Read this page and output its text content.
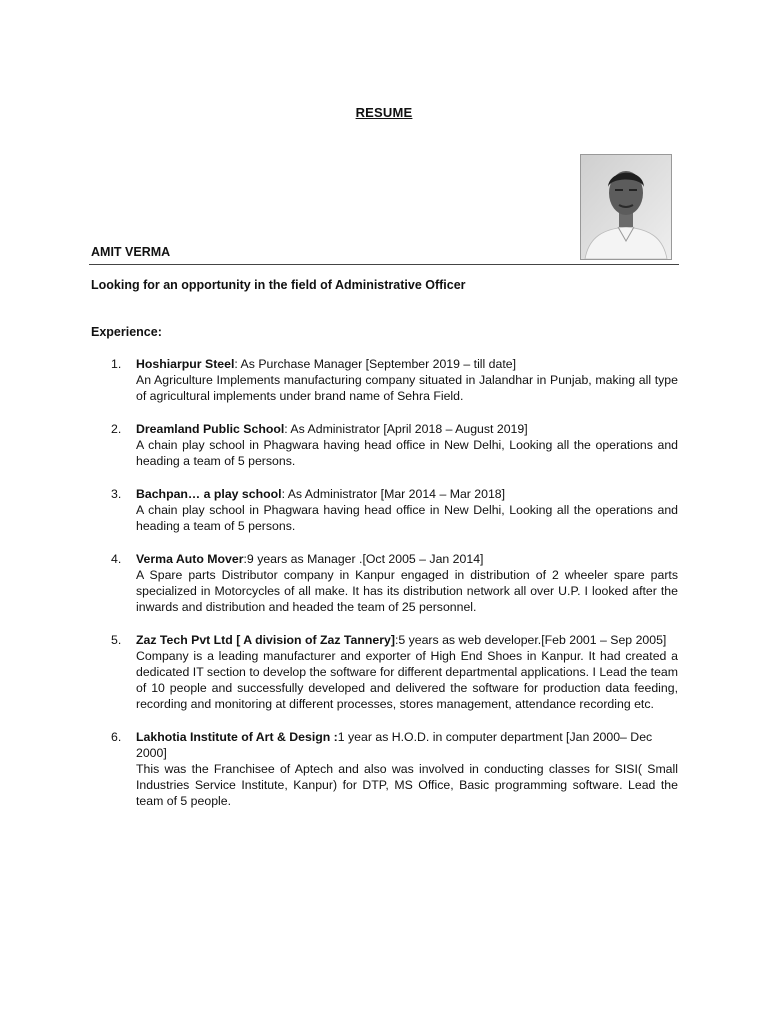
RESUME
AMIT VERMA
Looking for an opportunity in the field of Administrative Officer
Experience:
1.	Hoshiarpur Steel: As Purchase Manager [September 2019 – till date]
An Agriculture Implements manufacturing company situated in Jalandhar in Punjab, making all type of agricultural implements under brand name of Sehra Field.
2.	Dreamland Public School: As Administrator [April 2018 – August 2019]
A chain play school in Phagwara having head office in New Delhi, Looking all the operations and heading a team of 5 persons.
3.	Bachpan… a play school: As Administrator [Mar 2014 – Mar 2018]
A chain play school in Phagwara having head office in New Delhi, Looking all the operations and heading a team of 5 persons.
4.	Verma Auto Mover:9 years as Manager .[Oct 2005 – Jan 2014]
A Spare parts Distributor company in Kanpur engaged in distribution of 2 wheeler spare parts specialized in Motorcycles of all make. It has its distribution network all over U.P. I looked after the inwards and distribution and headed the team of 25 personnel.
5.	Zaz Tech Pvt Ltd [ A division of Zaz Tannery]:5 years as web developer.[Feb 2001 – Sep 2005]
Company is a leading manufacturer and exporter of High End Shoes in Kanpur. It had created a dedicated IT section to develop the software for different departmental applications. I Lead the team of 10 people and successfully developed and delivered the software for production data feeding, recording and monitoring at different processes, stores management, attendance recording etc.
6.	Lakhotia Institute of Art & Design :1 year as H.O.D. in computer department [Jan 2000– Dec 2000]
This was the Franchisee of Aptech and also was involved in conducting classes for SISI( Small Industries Service Institute, Kanpur) for DTP, MS Office, Basic programming software. Lead the team of 5 people.
